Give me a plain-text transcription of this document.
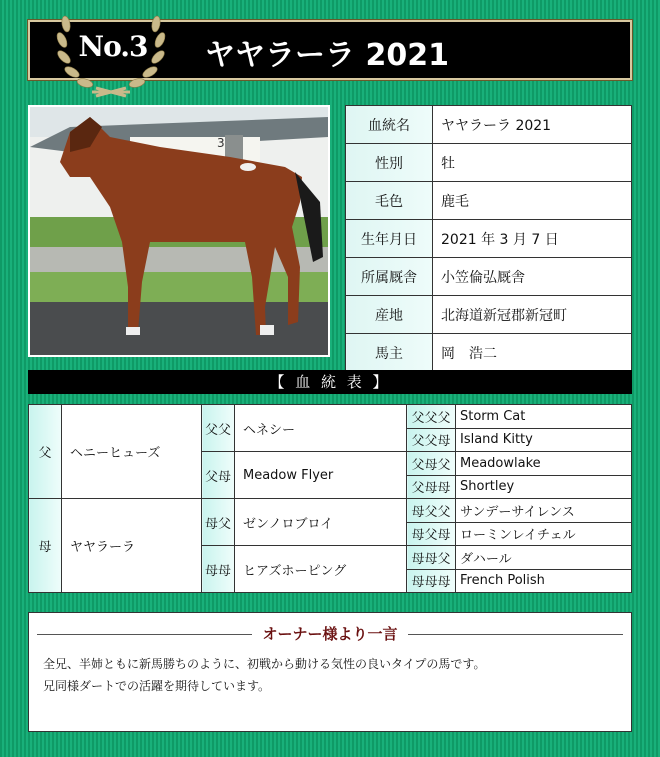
No.3 ヤヤラーラ 2021
3
血統名	ヤヤラーラ 2021
性別	牡
毛色	鹿毛
生年月日	2021 年 3 月 7 日
所属厩舎	小笠倫弘厩舎
産地	北海道新冠郡新冠町
馬主	岡　浩二
【 血 統 表 】
父	ヘニーヒューズ	父父	ヘネシー	父父父	Storm Cat
				父父母	Island Kitty
		父母	Meadow Flyer	父母父	Meadowlake
				父母母	Shortley
母	ヤヤラーラ	母父	ゼンノロブロイ	母父父	サンデーサイレンス
				母父母	ローミンレイチェル
		母母	ヒアズホーピング	母母父	ダハール
				母母母	French Polish
オーナー様より一言
全兄、半姉ともに新馬勝ちのように、初戦から動ける気性の良いタイプの馬です。
兄同様ダートでの活躍を期待しています。
